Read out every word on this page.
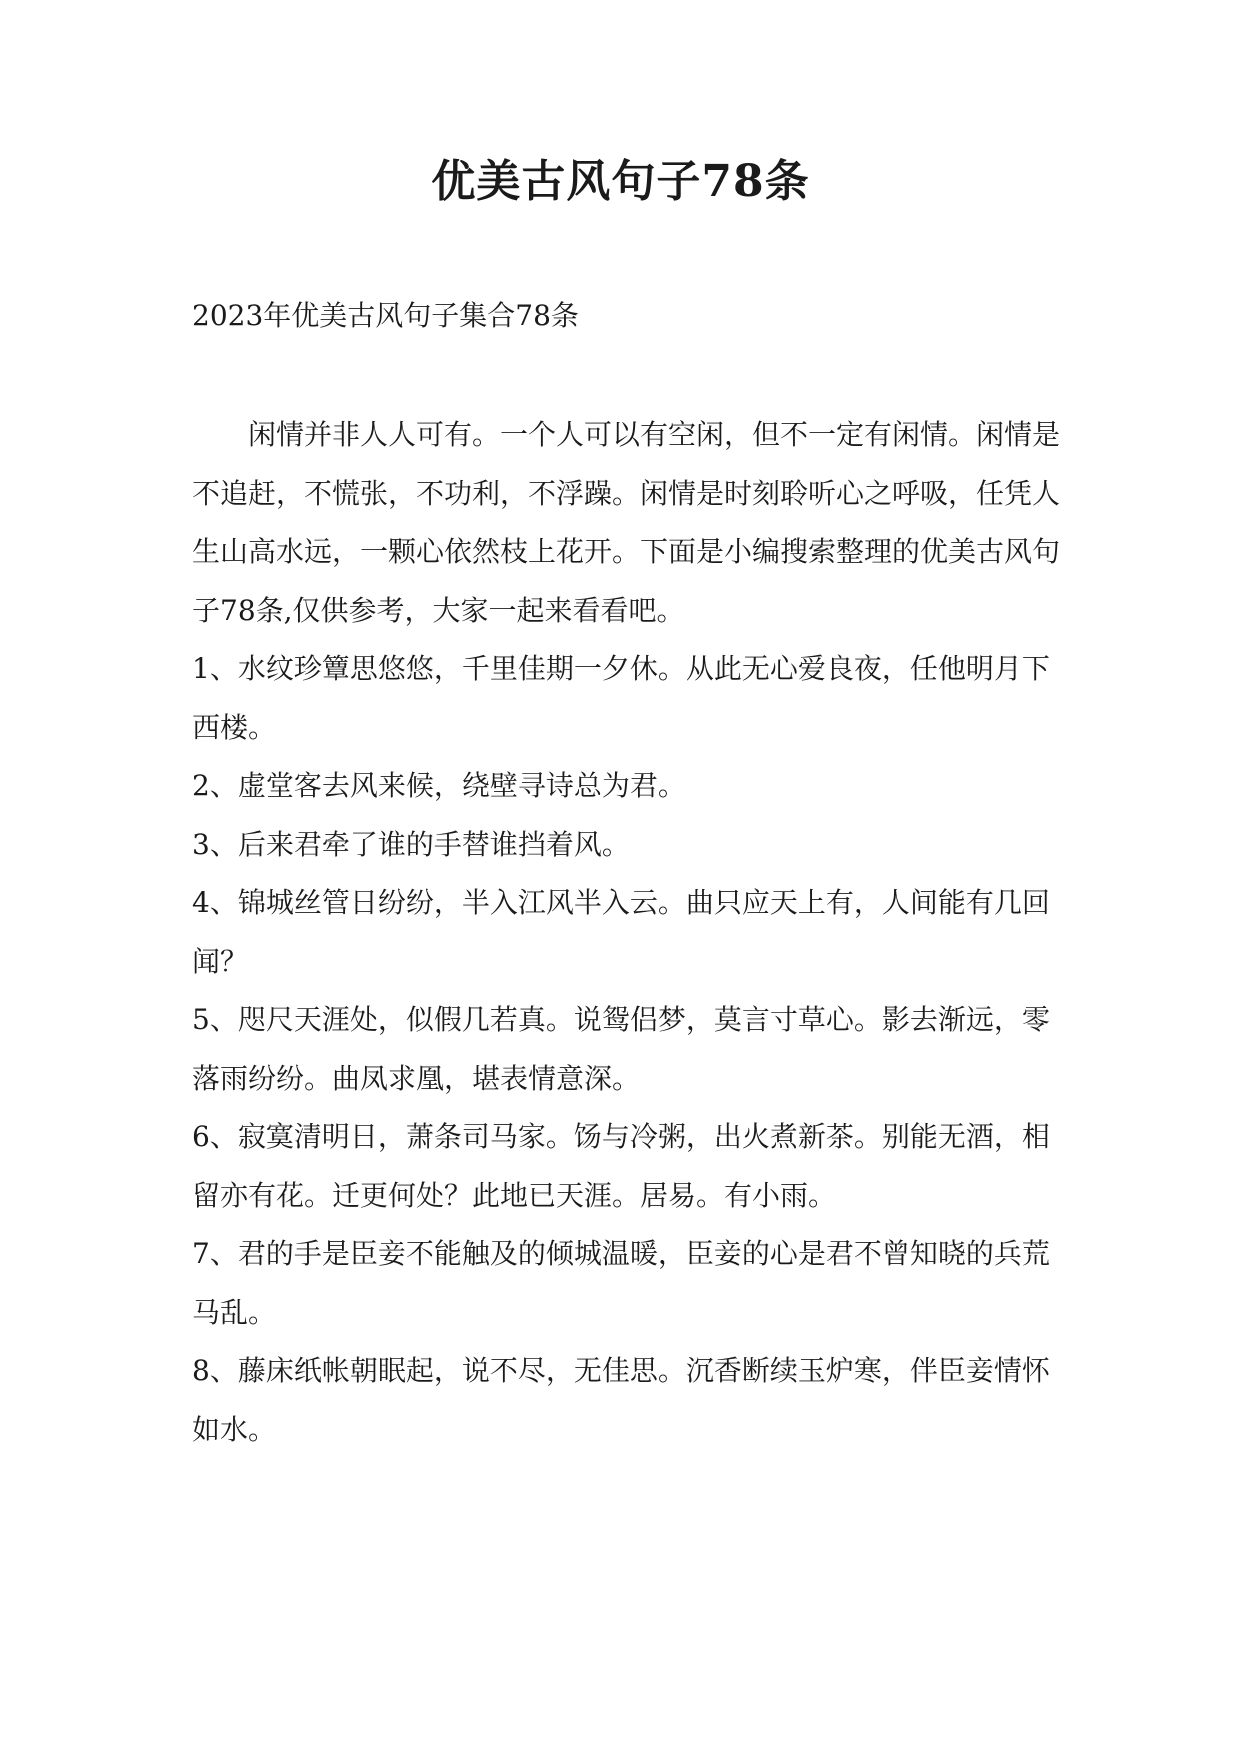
优美古风句子78条
2023年优美古风句子集合78条

闲情并非人人可有。一个人可以有空闲，但不一定有闲情。闲情是不追赶，不慌张，不功利，不浮躁。闲情是时刻聆听心之呼吸，任凭人生山高水远，一颗心依然枝上花开。下面是小编搜索整理的优美古风句子78条,仅供参考，大家一起来看看吧。

1、水纹珍簟思悠悠，千里佳期一夕休。从此无心爱良夜，任他明月下西楼。

2、虚堂客去风来候，绕壁寻诗总为君。

3、后来君牵了谁的手替谁挡着风。

4、锦城丝管日纷纷，半入江风半入云。曲只应天上有，人间能有几回闻？

5、咫尺天涯处，似假几若真。说鸳侣梦，莫言寸草心。影去渐远，零落雨纷纷。曲凤求凰，堪表情意深。

6、寂寞清明日，萧条司马家。饧与冷粥，出火煮新茶。别能无酒，相留亦有花。迁更何处？此地已天涯。居易。有小雨。

7、君的手是臣妾不能触及的倾城温暖，臣妾的心是君不曾知晓的兵荒马乱。

8、藤床纸帐朝眠起，说不尽，无佳思。沉香断续玉炉寒，伴臣妾情怀如水。
